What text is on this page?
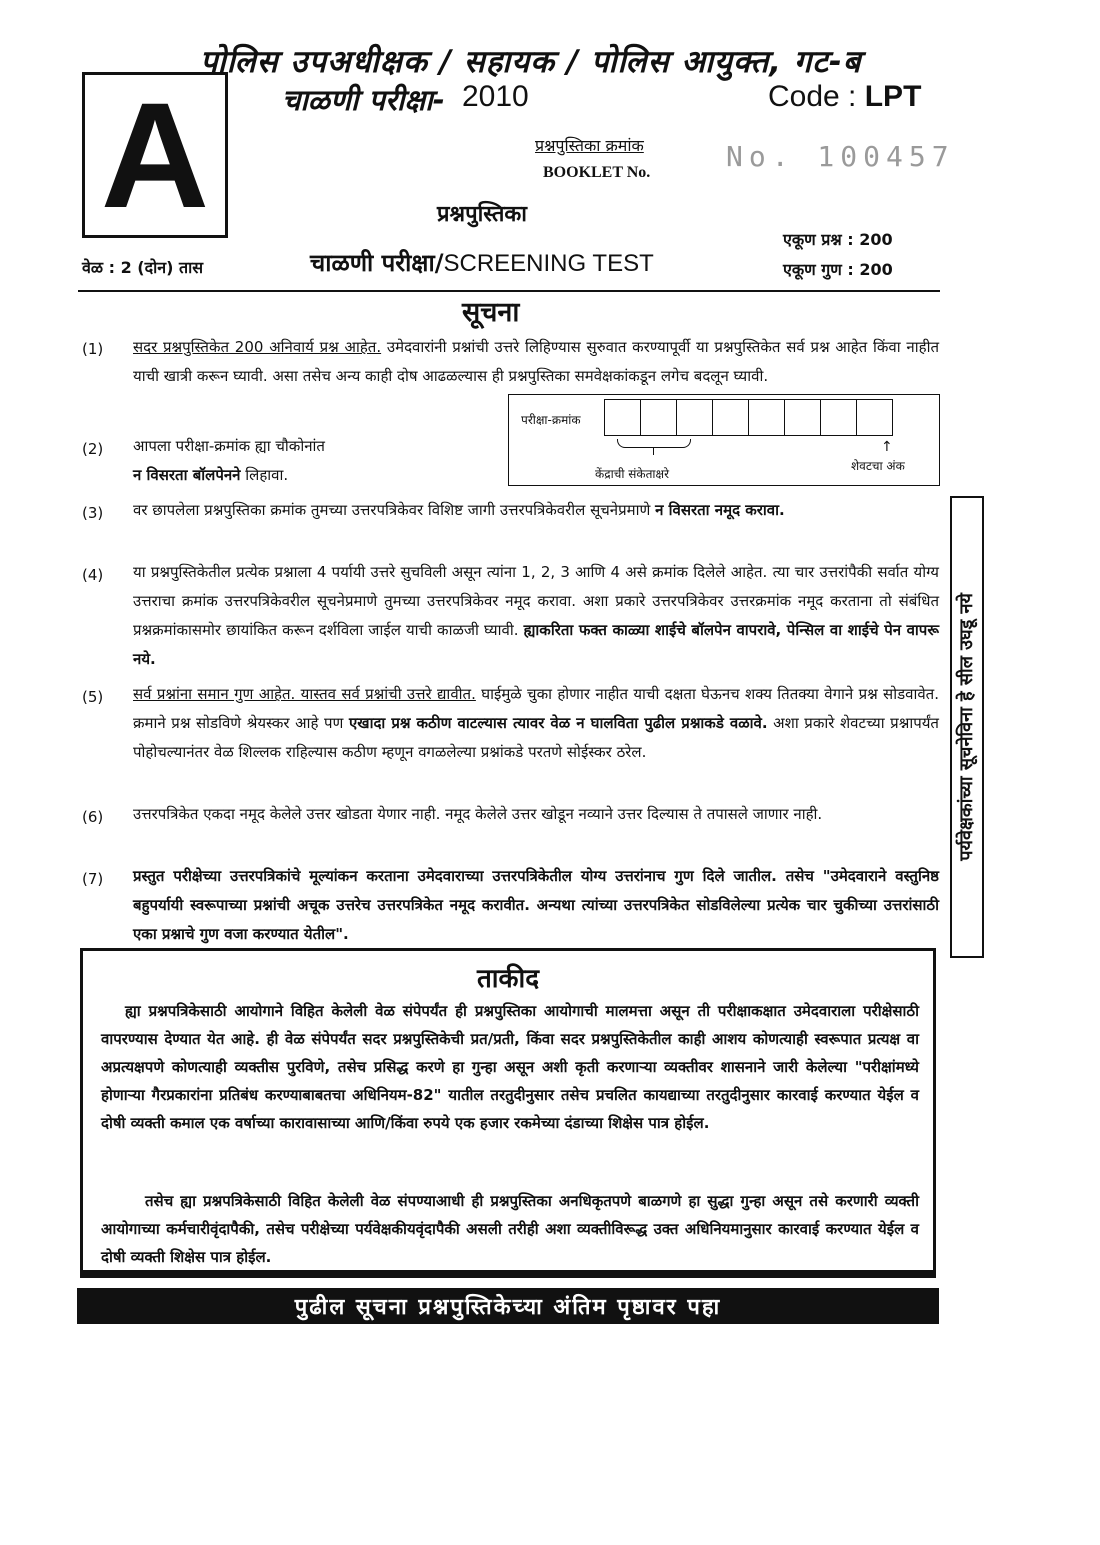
A
पोलिस उपअधीक्षक / सहायक / पोलिस आयुक्त, गट-ब
चाळणी परीक्षा- 2010	Code : LPT
प्रश्नपुस्तिका क्रमांक
BOOKLET No.	No. 100457
प्रश्नपुस्तिका
एकूण प्रश्न : 200
एकूण गुण : 200
वेळ : 2 (दोन) तास	चाळणी परीक्षा/SCREENING TEST
सूचना
(1) सदर प्रश्नपुस्तिकेत 200 अनिवार्य प्रश्न आहेत. उमेदवारांनी प्रश्नांची उत्तरे लिहिण्यास सुरुवात करण्यापूर्वी या प्रश्नपुस्तिकेत सर्व प्रश्न आहेत किंवा नाहीत याची खात्री करून घ्यावी. असा तसेच अन्य काही दोष आढळल्यास ही प्रश्नपुस्तिका समवेक्षकांकडून लगेच बदलून घ्यावी.
परीक्षा-क्रमांक
केंद्राची संकेताक्षरे
↑
शेवटचा अंक
(2) आपला परीक्षा-क्रमांक ह्या चौकोनांत
न विसरता बॉलपेनने लिहावा.
(3) वर छापलेला प्रश्नपुस्तिका क्रमांक तुमच्या उत्तरपत्रिकेवर विशिष्ट जागी उत्तरपत्रिकेवरील सूचनेप्रमाणे न विसरता नमूद करावा.
(4) या प्रश्नपुस्तिकेतील प्रत्येक प्रश्नाला 4 पर्यायी उत्तरे सुचविली असून त्यांना 1, 2, 3 आणि 4 असे क्रमांक दिलेले आहेत. त्या चार उत्तरांपैकी सर्वात योग्य उत्तराचा क्रमांक उत्तरपत्रिकेवरील सूचनेप्रमाणे तुमच्या उत्तरपत्रिकेवर नमूद करावा. अशा प्रकारे उत्तरपत्रिकेवर उत्तरक्रमांक नमूद करताना तो संबंधित प्रश्नक्रमांकासमोर छायांकित करून दर्शविला जाईल याची काळजी घ्यावी. ह्याकरिता फक्त काळ्या शाईचे बॉलपेन वापरावे, पेन्सिल वा शाईचे पेन वापरू नये.
(5) सर्व प्रश्नांना समान गुण आहेत. यास्तव सर्व प्रश्नांची उत्तरे द्यावीत. घाईमुळे चुका होणार नाहीत याची दक्षता घेऊनच शक्य तितक्या वेगाने प्रश्न सोडवावेत. क्रमाने प्रश्न सोडविणे श्रेयस्कर आहे पण एखादा प्रश्न कठीण वाटल्यास त्यावर वेळ न घालविता पुढील प्रश्नाकडे वळावे. अशा प्रकारे शेवटच्या प्रश्नापर्यंत पोहोचल्यानंतर वेळ शिल्लक राहिल्यास कठीण म्हणून वगळलेल्या प्रश्नांकडे परतणे सोईस्कर ठरेल.
(6) उत्तरपत्रिकेत एकदा नमूद केलेले उत्तर खोडता येणार नाही. नमूद केलेले उत्तर खोडून नव्याने उत्तर दिल्यास ते तपासले जाणार नाही.
(7) प्रस्तुत परीक्षेच्या उत्तरपत्रिकांचे मूल्यांकन करताना उमेदवाराच्या उत्तरपत्रिकेतील योग्य उत्तरांनाच गुण दिले जातील. तसेच "उमेदवाराने वस्तुनिष्ठ बहुपर्यायी स्वरूपाच्या प्रश्नांची अचूक उत्तरेच उत्तरपत्रिकेत नमूद करावीत. अन्यथा त्यांच्या उत्तरपत्रिकेत सोडविलेल्या प्रत्येक चार चुकीच्या उत्तरांसाठी एका प्रश्नाचे गुण वजा करण्यात येतील".
पर्यवेक्षकांच्या सूचनेविना हे सील उघडू नये
ताकीद
ह्या प्रश्नपत्रिकेसाठी आयोगाने विहित केलेली वेळ संपेपर्यंत ही प्रश्नपुस्तिका आयोगाची मालमत्ता असून ती परीक्षाकक्षात उमेदवाराला परीक्षेसाठी वापरण्यास देण्यात येत आहे. ही वेळ संपेपर्यंत सदर प्रश्नपुस्तिकेची प्रत/प्रती, किंवा सदर प्रश्नपुस्तिकेतील काही आशय कोणत्याही स्वरूपात प्रत्यक्ष वा अप्रत्यक्षपणे कोणत्याही व्यक्तीस पुरविणे, तसेच प्रसिद्ध करणे हा गुन्हा असून अशी कृती करणाऱ्या व्यक्तीवर शासनाने जारी केलेल्या "परीक्षांमध्ये होणाऱ्या गैरप्रकारांना प्रतिबंध करण्याबाबतचा अधिनियम-82" यातील तरतुदीनुसार तसेच प्रचलित कायद्याच्या तरतुदीनुसार कारवाई करण्यात येईल व दोषी व्यक्ती कमाल एक वर्षाच्या कारावासाच्या आणि/किंवा रुपये एक हजार रकमेच्या दंडाच्या शिक्षेस पात्र होईल.
तसेच ह्या प्रश्नपत्रिकेसाठी विहित केलेली वेळ संपण्याआधी ही प्रश्नपुस्तिका अनधिकृतपणे बाळगणे हा सुद्धा गुन्हा असून तसे करणारी व्यक्ती आयोगाच्या कर्मचारीवृंदापैकी, तसेच परीक्षेच्या पर्यवेक्षकीयवृंदापैकी असली तरीही अशा व्यक्तीविरूद्ध उक्त अधिनियमानुसार कारवाई करण्यात येईल व दोषी व्यक्ती शिक्षेस पात्र होईल.
पुढील सूचना प्रश्नपुस्तिकेच्या अंतिम पृष्ठावर पहा
